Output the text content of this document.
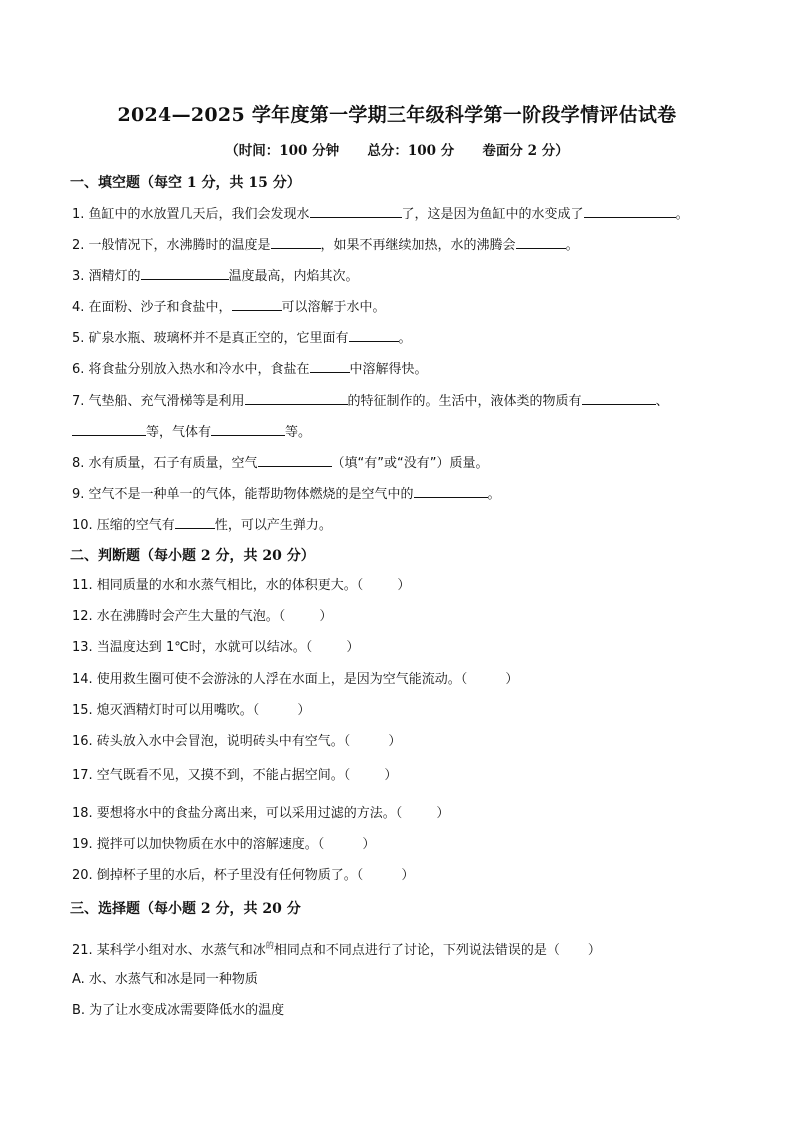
2024—2025 学年度第一学期三年级科学第一阶段学情评估试卷
（时间：100 分钟      总分：100 分      卷面分 2 分）
一、填空题（每空 1 分，共 15 分）
1. 鱼缸中的水放置几天后，我们会发现水	了，这是因为鱼缸中的水变成了	。
2. 一般情况下，水沸腾时的温度是	，如果不再继续加热，水的沸腾会	。
3. 酒精灯的	温度最高，内焰其次。
4. 在面粉、沙子和食盐中，	可以溶解于水中。
5. 矿泉水瓶、玻璃杯并不是真正空的，它里面有	。
6. 将食盐分别放入热水和冷水中，食盐在	中溶解得快。
7. 气垫船、充气滑梯等是利用	的特征制作的。生活中，液体类的物质有	、
等，气体有	等。
8. 水有质量，石子有质量，空气	（填“有”或“没有”）质量。
9. 空气不是一种单一的气体，能帮助物体燃烧的是空气中的	。
10. 压缩的空气有	性，可以产生弹力。
二、判断题（每小题 2 分，共 20 分）
11. 相同质量的水和水蒸气相比，水的体积更大。（	）
12. 水在沸腾时会产生大量的气泡。（	）
13. 当温度达到 1℃时，水就可以结冰。（	）
14. 使用救生圈可使不会游泳的人浮在水面上，是因为空气能流动。（	）
15. 熄灭酒精灯时可以用嘴吹。（	）
16. 砖头放入水中会冒泡，说明砖头中有空气。（	）
17. 空气既看不见，又摸不到，不能占据空间。（	）
18. 要想将水中的食盐分离出来，可以采用过滤的方法。（	）
19. 搅拌可以加快物质在水中的溶解速度。（	）
20. 倒掉杯子里的水后，杯子里没有任何物质了。（	）
三、选择题（每小题 2 分，共 20 分
21. 某科学小组对水、水蒸气和冰$^的$相同点和不同点进行了讨论，下列说法错误的是（ ）
A. 水、水蒸气和冰是同一种物质
B. 为了让水变成冰需要降低水的温度
